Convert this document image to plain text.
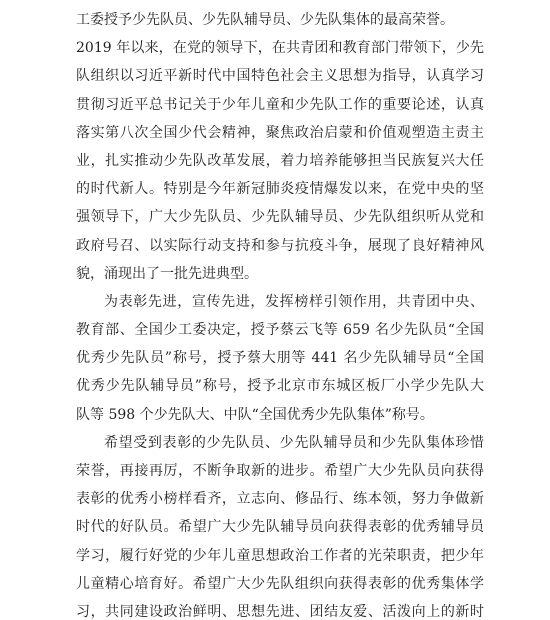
工委授予少先队员、少先队辅导员、少先队集体的最高荣誉。

2019 年以来，在党的领导下，在共青团和教育部门带领下，少先
队组织以习近平新时代中国特色社会主义思想为指导，认真学习
贯彻习近平总书记关于少年儿童和少先队工作的重要论述，认真
落实第八次全国少代会精神，聚焦政治启蒙和价值观塑造主责主
业，扎实推动少先队改革发展，着力培养能够担当民族复兴大任
的时代新人。特别是今年新冠肺炎疫情爆发以来，在党中央的坚
强领导下，广大少先队员、少先队辅导员、少先队组织听从党和
政府号召、以实际行动支持和参与抗疫斗争，展现了良好精神风
貌，涌现出了一批先进典型。

为表彰先进，宣传先进，发挥榜样引领作用，共青团中央、
教育部、全国少工委决定，授予蔡云飞等 659 名少先队员“全国
优秀少先队员”称号，授予蔡大朋等 441 名少先队辅导员“全国
优秀少先队辅导员”称号，授予北京市东城区板厂小学少先队大
队等 598 个少先队大、中队“全国优秀少先队集体”称号。

希望受到表彰的少先队员、少先队辅导员和少先队集体珍惜
荣誉，再接再厉，不断争取新的进步。希望广大少先队员向获得
表彰的优秀小榜样看齐，立志向、修品行、练本领，努力争做新
时代的好队员。希望广大少先队辅导员向获得表彰的优秀辅导员
学习，履行好党的少年儿童思想政治工作者的光荣职责，把少年
儿童精心培育好。希望广大少先队组织向获得表彰的优秀集体学
习，共同建设政治鲜明、思想先进、团结友爱、活泼向上的新时
